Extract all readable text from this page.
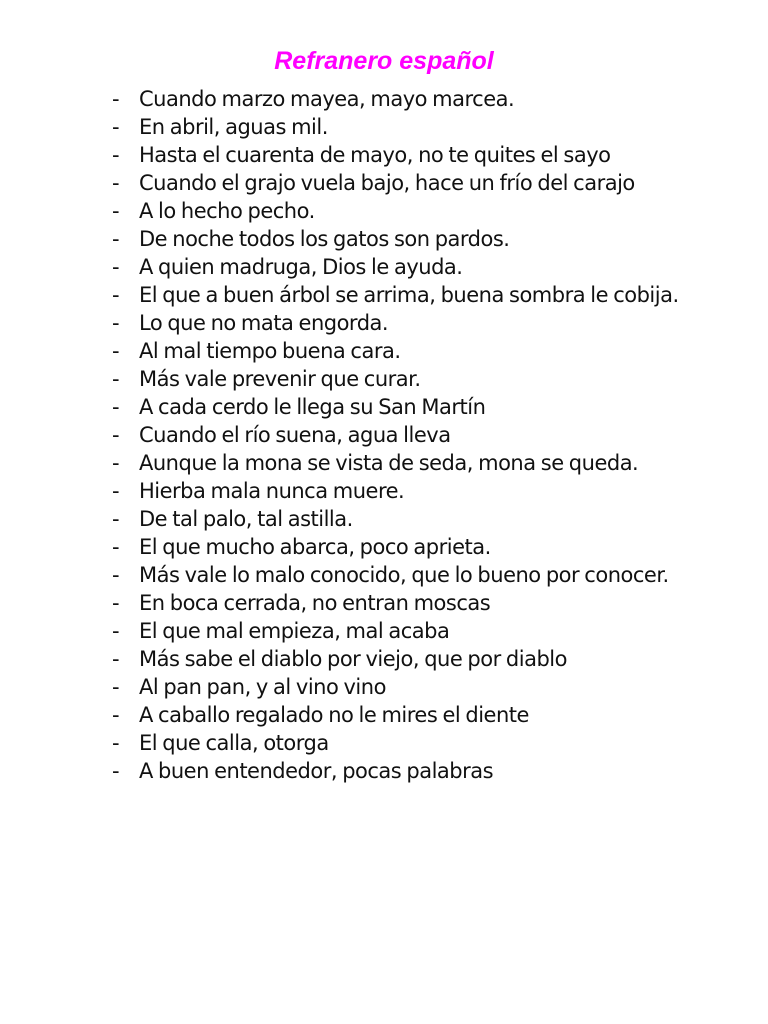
Refranero español
- Cuando marzo mayea, mayo marcea.
- En abril, aguas mil.
- Hasta el cuarenta de mayo, no te quites el sayo
- Cuando el grajo vuela bajo, hace un frío del carajo
- A lo hecho pecho.
- De noche todos los gatos son pardos.
- A quien madruga, Dios le ayuda.
- El que a buen árbol se arrima, buena sombra le cobija.
- Lo que no mata engorda.
- Al mal tiempo buena cara.
- Más vale prevenir que curar.
- A cada cerdo le llega su San Martín
- Cuando el río suena, agua lleva
- Aunque la mona se vista de seda, mona se queda.
- Hierba mala nunca muere.
- De tal palo, tal astilla.
- El que mucho abarca, poco aprieta.
- Más vale lo malo conocido, que lo bueno por conocer.
- En boca cerrada, no entran moscas
- El que mal empieza, mal acaba
- Más sabe el diablo por viejo, que por diablo
- Al pan pan, y al vino vino
- A caballo regalado no le mires el diente
- El que calla, otorga
- A buen entendedor, pocas palabras
